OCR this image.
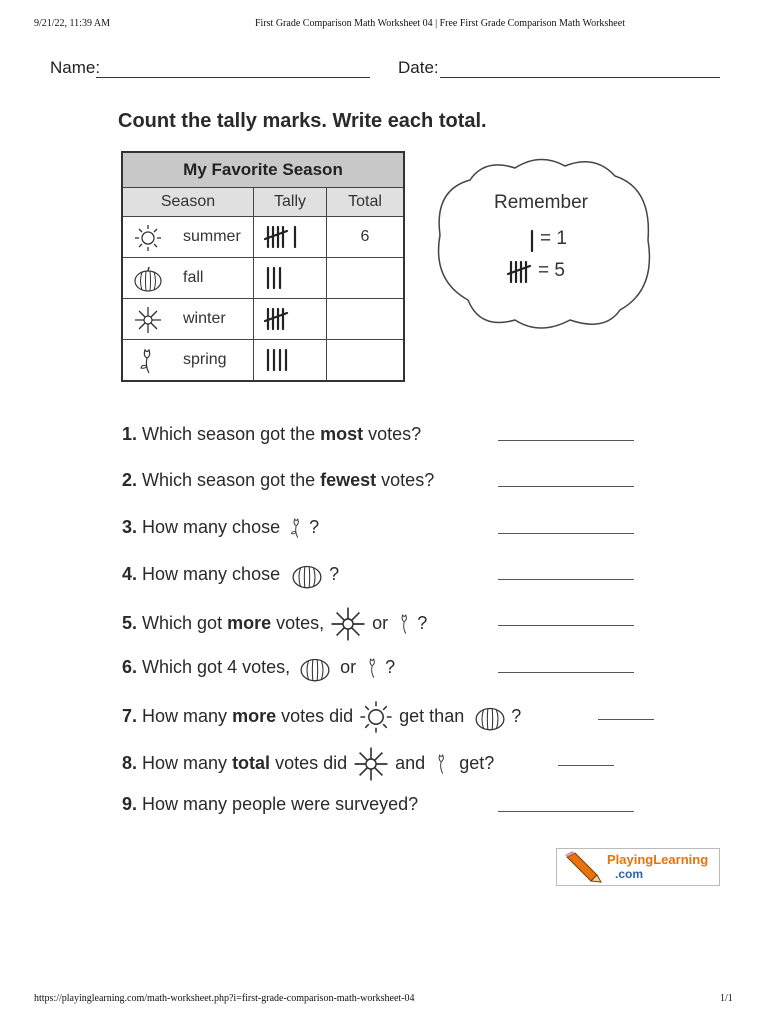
9/21/22, 11:39 AM	First Grade Comparison Math Worksheet 04 | Free First Grade Comparison Math Worksheet
Name:	Date:
Count the tally marks. Write each total.
My Favorite Season		
Season	Tally	Total

summer		6

fall

winter

spring

Remember
= 1
= 5
1. Which season got the most votes?
2. Which season got the fewest votes?
3. How many chose ?
4. How many chose	?
5. Which got more votes,	or ?
6. Which got 4 votes,	or ?
7. How many more votes did	get than	?
8. How many total votes did	and get?
9. How many people were surveyed?
PlayingLearning
.com
https://playinglearning.com/math-worksheet.php?i=first-grade-comparison-math-worksheet-04	1/1
